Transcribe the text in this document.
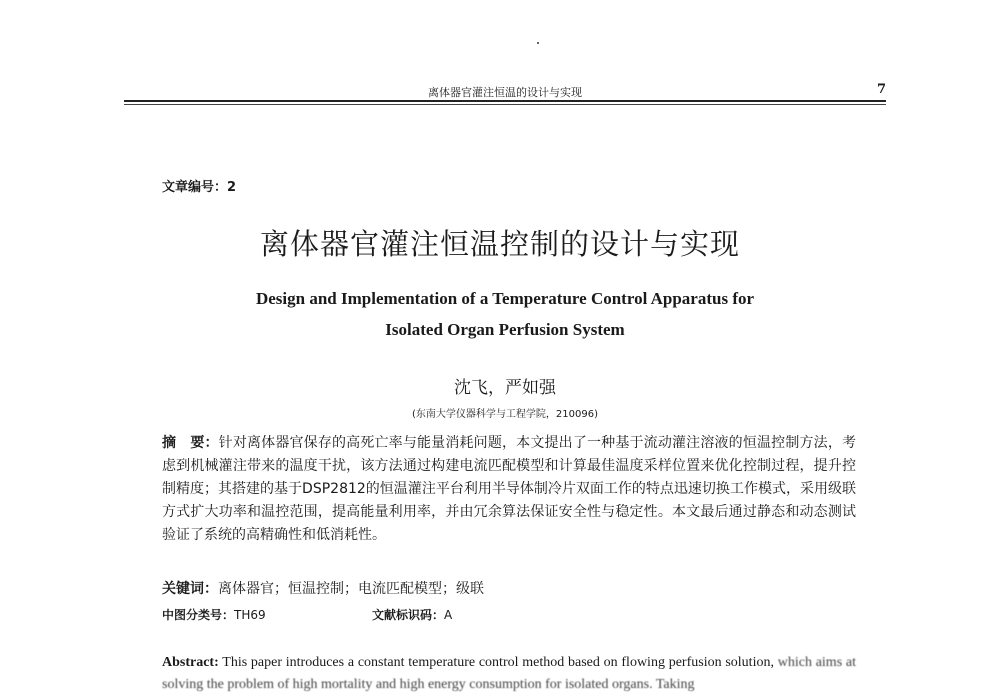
离体器官灌注恒温的设计与实现	7
文章编号：2
离体器官灌注恒温控制的设计与实现
Design and Implementation of a Temperature Control Apparatus for
Isolated Organ Perfusion System
沈飞，严如强
(东南大学仪器科学与工程学院，210096)
摘　要：针对离体器官保存的高死亡率与能量消耗问题，本文提出了一种基于流动灌注溶液的恒温控制方法，考虑到机械灌注带来的温度干扰，该方法通过构建电流匹配模型和计算最佳温度采样位置来优化控制过程，提升控制精度；其搭建的基于DSP2812的恒温灌注平台利用半导体制冷片双面工作的特点迅速切换工作模式，采用级联方式扩大功率和温控范围，提高能量利用率，并由冗余算法保证安全性与稳定性。本文最后通过静态和动态测试验证了系统的高精确性和低消耗性。
关键词：离体器官；恒温控制；电流匹配模型；级联
中图分类号：TH69	文献标识码：A
Abstract: This paper introduces a constant temperature control method based on flowing perfusion solution, which aims at solving the problem of high mortality and high energy consumption for isolated organs. Taking
